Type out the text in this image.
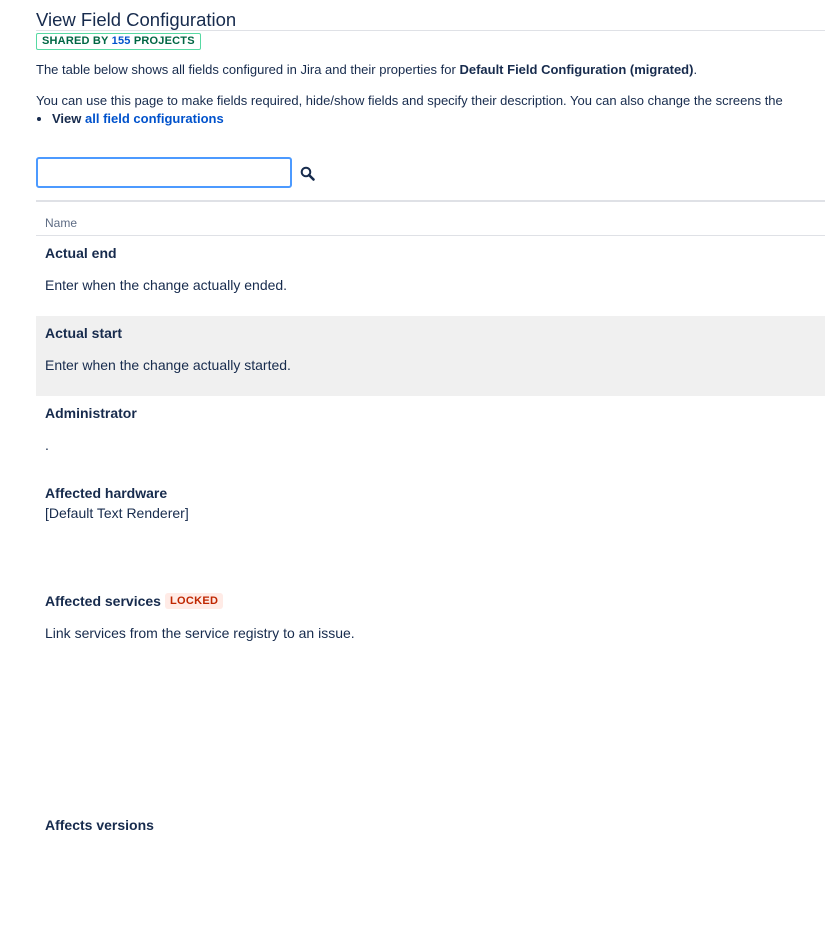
View Field Configuration
SHARED BY 155 PROJECTS
The table below shows all fields configured in Jira and their properties for Default Field Configuration (migrated).
You can use this page to make fields required, hide/show fields and specify their description. You can also change the screens the
• View all field configurations
Name
Actual end
Enter when the change actually ended.
Actual start
Enter when the change actually started.
Administrator
.
Affected hardware
[Default Text Renderer]
Affected services LOCKED
Link services from the service registry to an issue.
Affects versions
